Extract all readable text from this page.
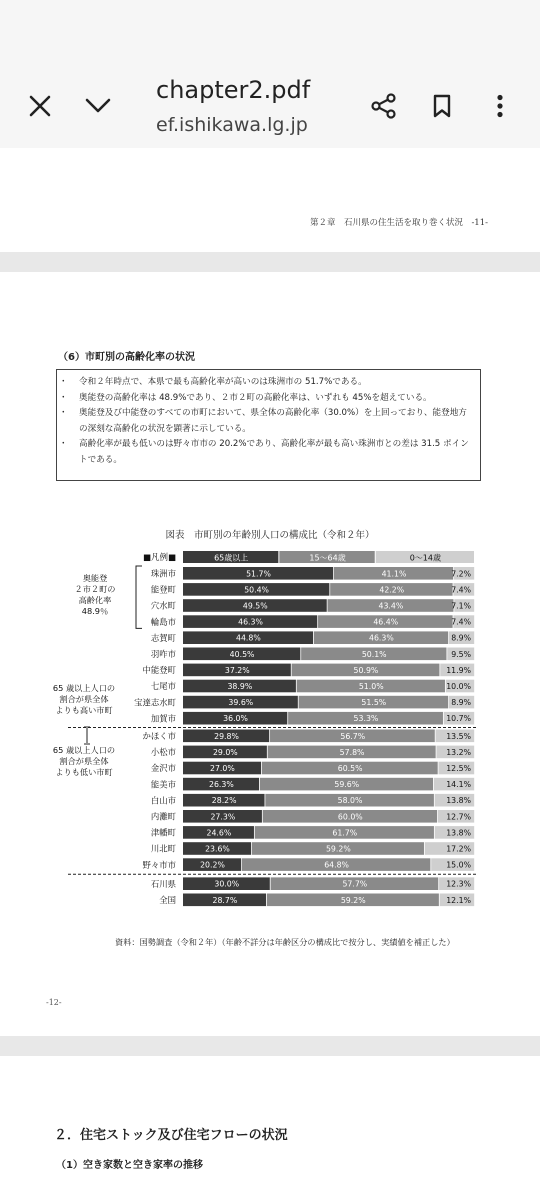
chapter2.pdf
ef.ishikawa.lg.jp
第２章　石川県の住生活を取り巻く状況　-11-
（6）市町別の高齢化率の状況
・ 令和２年時点で、本県で最も高齢化率が高いのは珠洲市の 51.7%である。
・ 奥能登の高齢化率は 48.9%であり、２市２町の高齢化率は、いずれも 45%を超えている。
・ 奥能登及び中能登のすべての市町において、県全体の高齢化率（30.0%）を上回っており、能登地方の深刻な高齢化の状況を顕著に示している。
・ 高齢化率が最も低いのは野々市市の 20.2%であり、高齢化率が最も高い珠洲市との差は 31.5 ポイントである。
図表　市町別の年齢別人口の構成比（令和２年）
■凡例■	65歳以上	15～64歳	0～14歳
珠洲市	51.7%	41.1%	7.2%
能登町	50.4%	42.2%	7.4%
穴水町	49.5%	43.4%	7.1%
輪島市	46.3%	46.4%	7.4%
志賀町	44.8%	46.3%	8.9%
羽咋市	40.5%	50.1%	9.5%
中能登町	37.2%	50.9%	11.9%
七尾市	38.9%	51.0%	10.0%
宝達志水町	39.6%	51.5%	8.9%
加賀市	36.0%	53.3%	10.7%
かほく市	29.8%	56.7%	13.5%
小松市	29.0%	57.8%	13.2%
金沢市	27.0%	60.5%	12.5%
能美市	26.3%	59.6%	14.1%
白山市	28.2%	58.0%	13.8%
内灘町	27.3%	60.0%	12.7%
津幡町	24.6%	61.7%	13.8%
川北町	23.6%	59.2%	17.2%
野々市市	20.2%	64.8%	15.0%
石川県	30.0%	57.7%	12.3%
全国	28.7%	59.2%	12.1%
奥能登
２市２町の
高齢化率
48.9％
65 歳以上人口の
割合が県全体
よりも高い市町
65 歳以上人口の
割合が県全体
よりも低い市町
資料：国勢調査（令和２年）（年齢不詳分は年齢区分の構成比で按分し、実績値を補正した）
-12-
２．住宅ストック及び住宅フローの状況
（1）空き家数と空き家率の推移
